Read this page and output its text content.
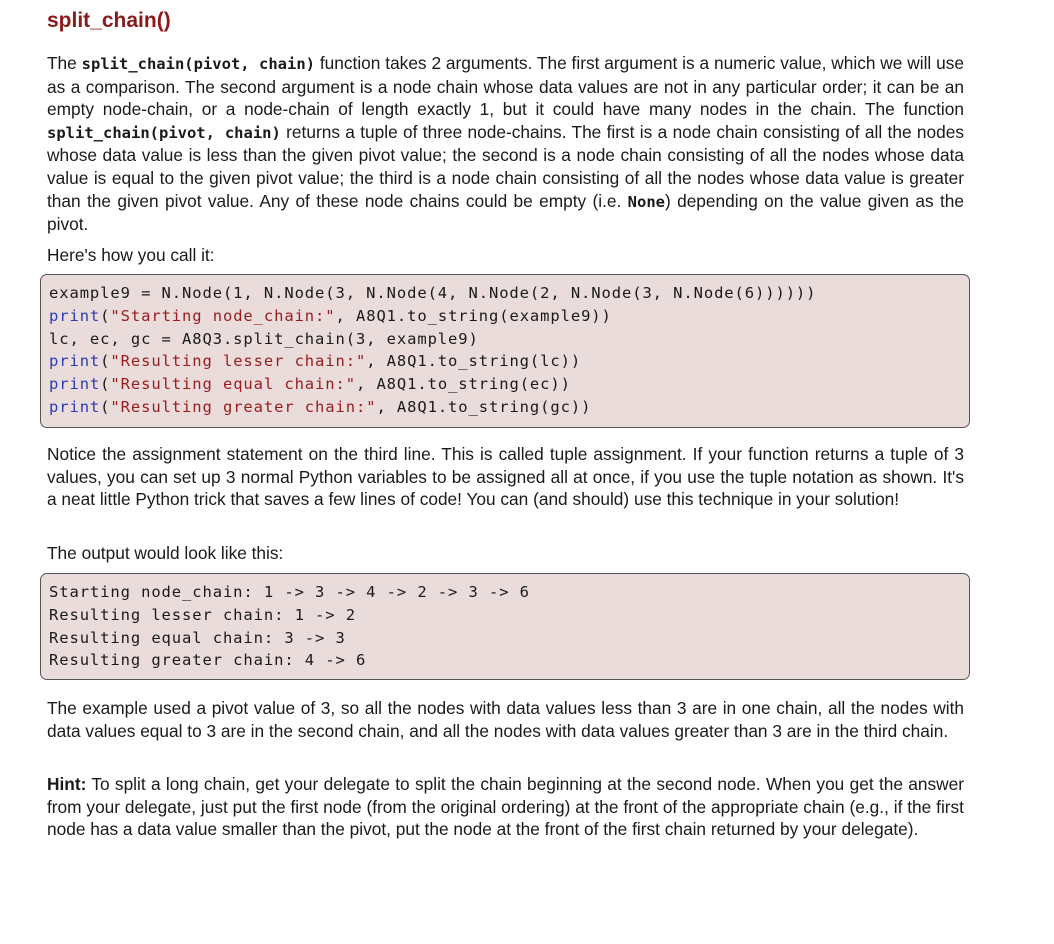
split_chain()

The split_chain(pivot, chain) function takes 2 arguments. The first argument is a numeric value, which we will use as a comparison. The second argument is a node chain whose data values are not in any particular order; it can be an empty node-chain, or a node-chain of length exactly 1, but it could have many nodes in the chain. The function split_chain(pivot, chain) returns a tuple of three node-chains. The first is a node chain consisting of all the nodes whose data value is less than the given pivot value; the second is a node chain consisting of all the nodes whose data value is equal to the given pivot value; the third is a node chain consisting of all the nodes whose data value is greater than the given pivot value. Any of these node chains could be empty (i.e. None) depending on the value given as the pivot.

Here's how you call it:

example9 = N.Node(1, N.Node(3, N.Node(4, N.Node(2, N.Node(3, N.Node(6))))))
print("Starting node_chain:", A8Q1.to_string(example9))
lc, ec, gc = A8Q3.split_chain(3, example9)
print("Resulting lesser chain:", A8Q1.to_string(lc))
print("Resulting equal chain:", A8Q1.to_string(ec))
print("Resulting greater chain:", A8Q1.to_string(gc))

Notice the assignment statement on the third line. This is called tuple assignment. If your function returns a tuple of 3 values, you can set up 3 normal Python variables to be assigned all at once, if you use the tuple notation as shown. It's a neat little Python trick that saves a few lines of code! You can (and should) use this technique in your solution!

The output would look like this:

Starting node_chain: 1 -> 3 -> 4 -> 2 -> 3 -> 6
Resulting lesser chain: 1 -> 2
Resulting equal chain: 3 -> 3
Resulting greater chain: 4 -> 6

The example used a pivot value of 3, so all the nodes with data values less than 3 are in one chain, all the nodes with data values equal to 3 are in the second chain, and all the nodes with data values greater than 3 are in the third chain.

Hint: To split a long chain, get your delegate to split the chain beginning at the second node. When you get the answer from your delegate, just put the first node (from the original ordering) at the front of the appropriate chain (e.g., if the first node has a data value smaller than the pivot, put the node at the front of the first chain returned by your delegate).
